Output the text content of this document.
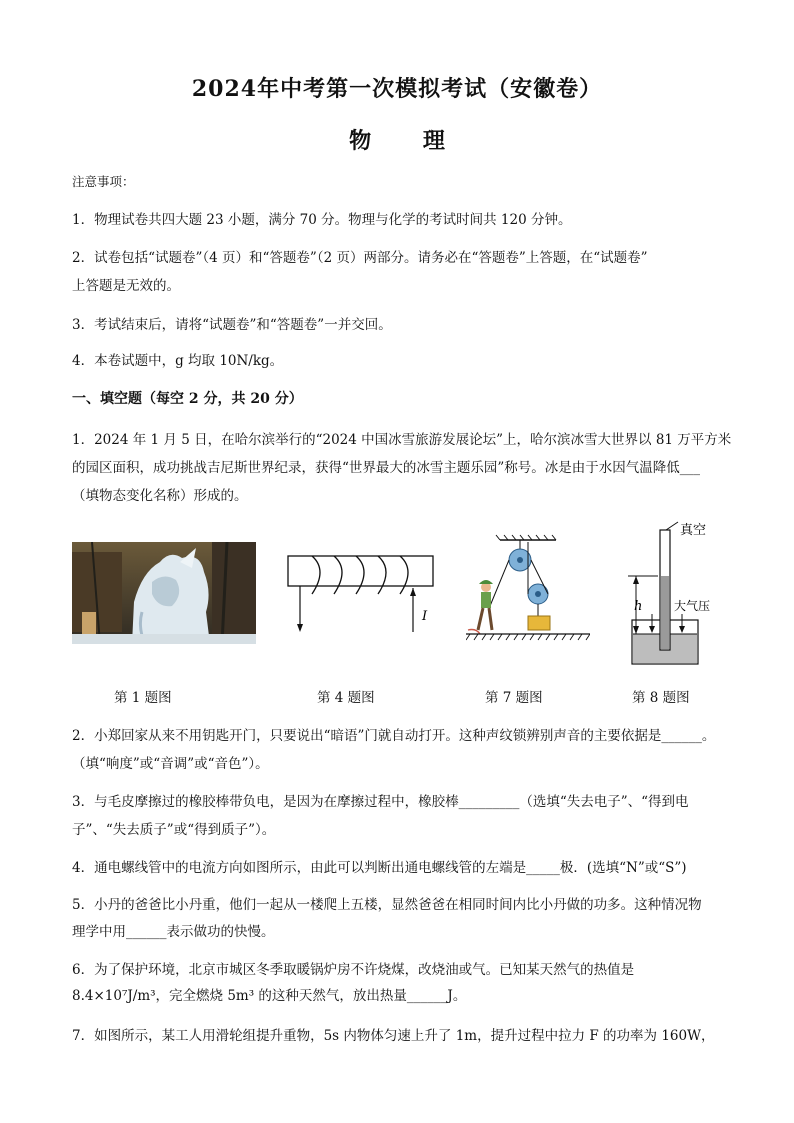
2024年中考第一次模拟考试（安徽卷）
物 理
注意事项：
1．物理试卷共四大题 23 小题，满分 70 分。物理与化学的考试时间共 120 分钟。
2．试卷包括“试题卷”（4 页）和“答题卷”（2 页）两部分。请务必在“答题卷”上答题，在“试题卷”
上答题是无效的。
3．考试结束后，请将“试题卷”和“答题卷”一并交回。
4．本卷试题中，g 均取 10N/kg。
一、填空题（每空 2 分，共 20 分）
1．2024 年 1 月 5 日，在哈尔滨举行的“2024 中国冰雪旅游发展论坛”上，哈尔滨冰雪大世界以 81 万平方米
的园区面积，成功挑战吉尼斯世界纪录，获得“世界最大的冰雪主题乐园”称号。冰是由于水因气温降低___
（填物态变化名称）形成的。
I
真空
h	大气压
第 1 题图	第 4 题图	第 7 题图	第 8 题图
2．小郑回家从来不用钥匙开门，只要说出“暗语”门就自动打开。这种声纹锁辨别声音的主要依据是______。
（填“响度”或“音调”或“音色”）。
3．与毛皮摩擦过的橡胶棒带负电，是因为在摩擦过程中，橡胶棒_________（选填“失去电子”、“得到电
子”、“失去质子”或“得到质子”）。
4．通电螺线管中的电流方向如图所示，由此可以判断出通电螺线管的左端是_____极．(选填“N”或“S”)
5．小丹的爸爸比小丹重，他们一起从一楼爬上五楼，显然爸爸在相同时间内比小丹做的功多。这种情况物
理学中用______表示做功的快慢。
6．为了保护环境，北京市城区冬季取暖锅炉房不许烧煤，改烧油或气。已知某天然气的热值是
8.4×10⁷J/m³，完全燃烧 5m³ 的这种天然气，放出热量______J。
7．如图所示，某工人用滑轮组提升重物，5s 内物体匀速上升了 1m，提升过程中拉力 F 的功率为 160W，
